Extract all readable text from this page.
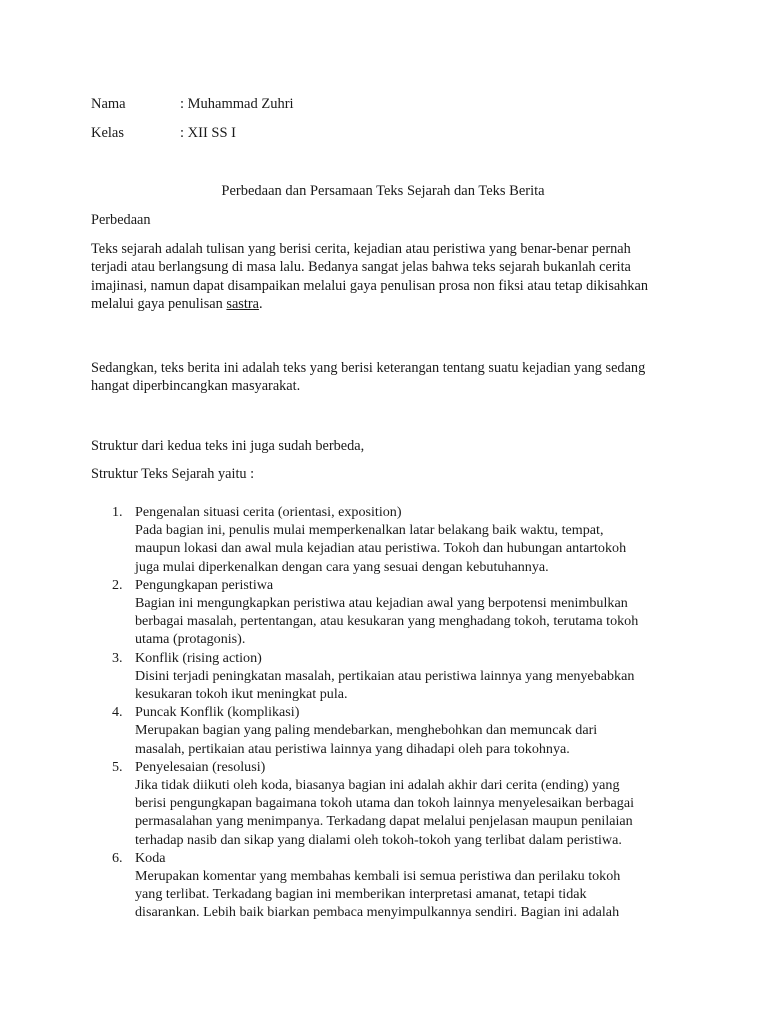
Nama	: Muhammad Zuhri
Kelas	: XII SS I
Perbedaan dan Persamaan Teks Sejarah dan Teks Berita
Perbedaan
Teks sejarah adalah tulisan yang berisi cerita, kejadian atau peristiwa yang benar-benar pernah
terjadi atau berlangsung di masa lalu. Bedanya sangat jelas bahwa teks sejarah bukanlah cerita
imajinasi, namun dapat disampaikan melalui gaya penulisan prosa non fiksi atau tetap dikisahkan
melalui gaya penulisan sastra.
Sedangkan, teks berita ini adalah teks yang berisi keterangan tentang suatu kejadian yang sedang
hangat diperbincangkan masyarakat.
Struktur dari kedua teks ini juga sudah berbeda,
Struktur Teks Sejarah yaitu :
1. Pengenalan situasi cerita (orientasi, exposition)
Pada bagian ini, penulis mulai memperkenalkan latar belakang baik waktu, tempat,
maupun lokasi dan awal mula kejadian atau peristiwa. Tokoh dan hubungan antartokoh
juga mulai diperkenalkan dengan cara yang sesuai dengan kebutuhannya.
2. Pengungkapan peristiwa
Bagian ini mengungkapkan peristiwa atau kejadian awal yang berpotensi menimbulkan
berbagai masalah, pertentangan, atau kesukaran yang menghadang tokoh, terutama tokoh
utama (protagonis).
3. Konflik (rising action)
Disini terjadi peningkatan masalah, pertikaian atau peristiwa lainnya yang menyebabkan
kesukaran tokoh ikut meningkat pula.
4. Puncak Konflik (komplikasi)
Merupakan bagian yang paling mendebarkan, menghebohkan dan memuncak dari
masalah, pertikaian atau peristiwa lainnya yang dihadapi oleh para tokohnya.
5. Penyelesaian (resolusi)
Jika tidak diikuti oleh koda, biasanya bagian ini adalah akhir dari cerita (ending) yang
berisi pengungkapan bagaimana tokoh utama dan tokoh lainnya menyelesaikan berbagai
permasalahan yang menimpanya. Terkadang dapat melalui penjelasan maupun penilaian
terhadap nasib dan sikap yang dialami oleh tokoh-tokoh yang terlibat dalam peristiwa.
6. Koda
Merupakan komentar yang membahas kembali isi semua peristiwa dan perilaku tokoh
yang terlibat. Terkadang bagian ini memberikan interpretasi amanat, tetapi tidak
disarankan. Lebih baik biarkan pembaca menyimpulkannya sendiri. Bagian ini adalah
